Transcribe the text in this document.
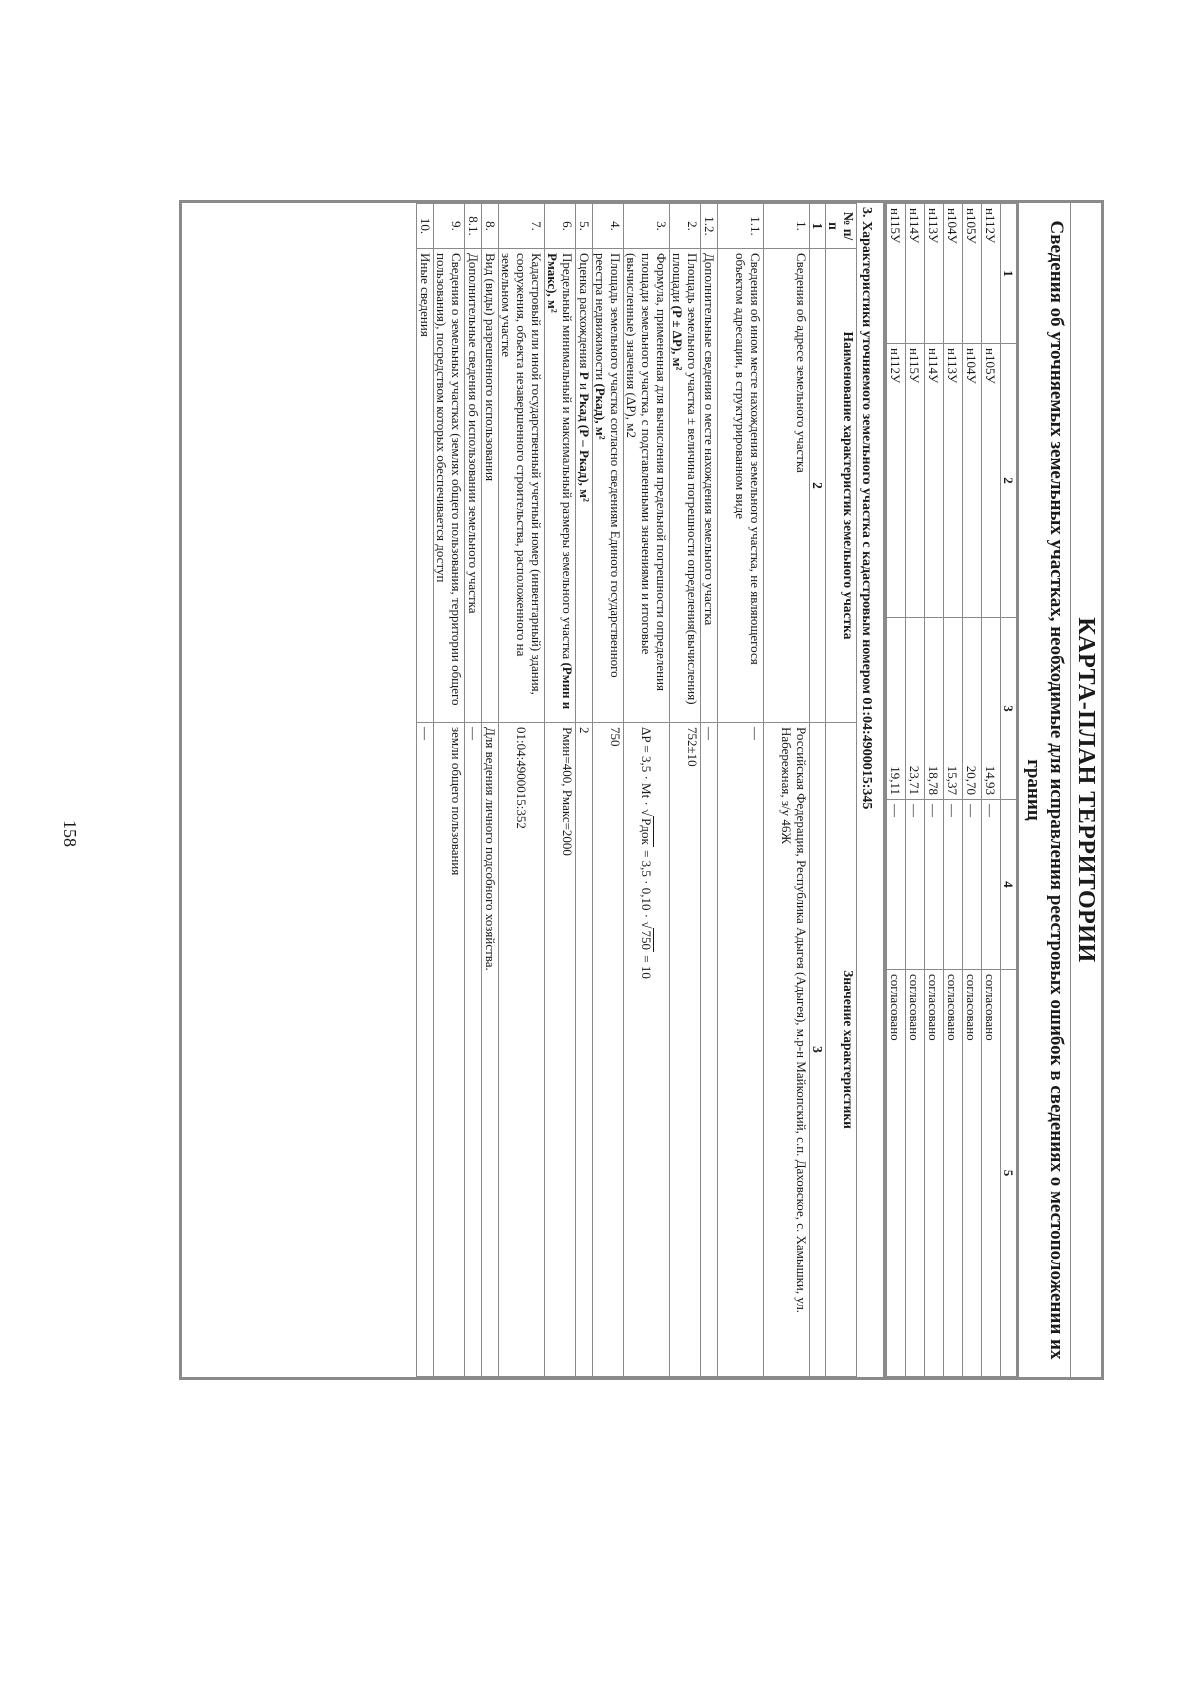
158	КАРТА-ПЛАН ТЕРРИТОРИИ
Сведения об уточняемых земельных участках, необходимые для исправления реестровых ошибок в сведениях о местоположении их границ
1	2	3	4	5
н112У	н105У	14,93	—	согласовано
н105У	н104У	20,70	—	согласовано
н104У	н113У	15,37	—	согласовано
н113У	н114У	18,78	—	согласовано
н114У	н115У	23,71	—	согласовано
н115У	н112У	19,11	—	согласовано
3. Характеристики уточняемого земельного участка с кадастровым номером 01:04:4900015:345
№ п/п	Наименование характеристик земельного участка	Значение характеристики
1	2	3
1.	Сведения об адресе земельного участка	Российская Федерация, Республика Адыгея (Адыгея), м.р-н Майкопский, с.п. Даховское, с. Хамышки, ул. Набережная, з/у 46Ж
1.1.	Сведения об ином месте нахождения земельного участка, не являющегося объектом адресации, в структурированном виде	—
1.2.	Дополнительные сведения о месте нахождения земельного участка	—
2.	Площадь земельного участка ± величина погрешности определения(вычисления) площади (P ± ΔP), м²	752±10
3.	Формула, примененная для вычисления предельной погрешности определения площади земельного участка, с подставленными значениями и итоговые (вычисленные) значения (ΔP), м2	ΔP = 3,5 · Mt · √Pдок = 3,5 · 0,10 · √750 = 10
4.	Площадь земельного участка согласно сведениям Единого государственного реестра недвижимости (Ркад), м²	750
5.	Оценка расхождения Р и Ркад (Р – Ркад), м²	2
6.	Предельный минимальный и максимальный размеры земельного участка (Рмин и Рмакс), м²	Рмин=400, Рмакс=2000
7.	Кадастровый или иной государственный учетный номер (инвентарный) здания, сооружения, объекта незавершенного строительства, расположенного на земельном участке	01:04:4900015:352
8.	Вид (виды) разрешенного использования	Для ведения личного подсобного хозяйства.
8.1.	Дополнительные сведения об использовании земельного участка	—
9.	Сведения о земельных участках (землях общего пользования, территории общего пользования), посредством которых обеспечивается доступ	земли общего пользования
10.	Иные сведения	—
